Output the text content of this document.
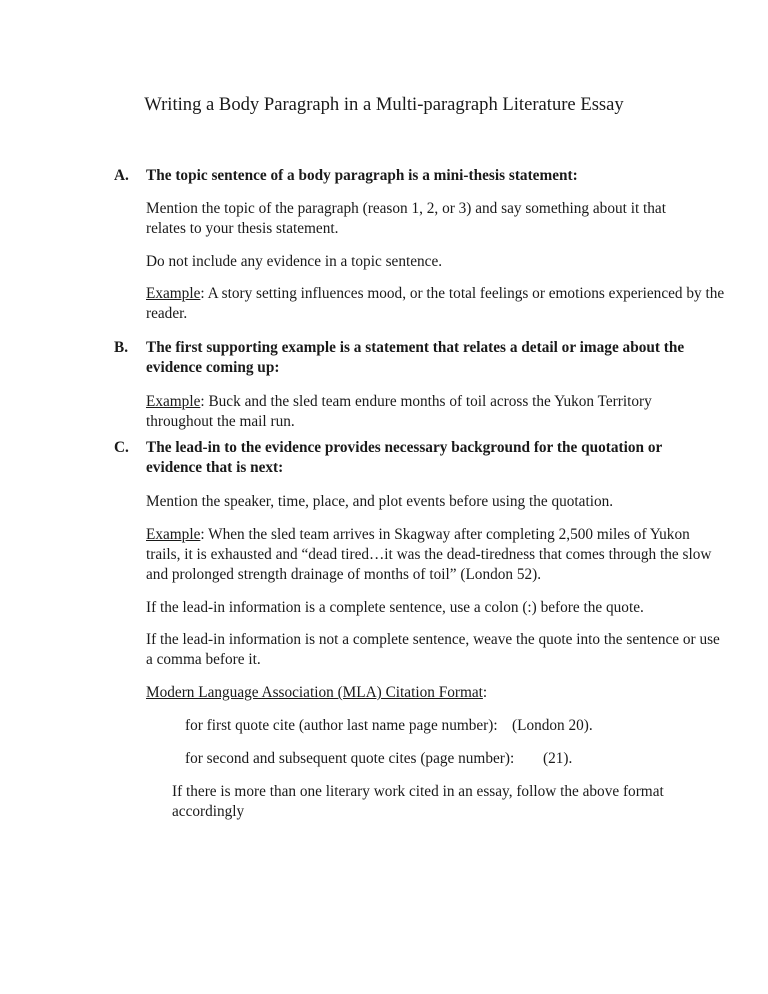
Writing a Body Paragraph in a Multi-paragraph Literature Essay
A. The topic sentence of a body paragraph is a mini-thesis statement:
Mention the topic of the paragraph (reason 1, 2, or 3) and say something about it that relates to your thesis statement.
Do not include any evidence in a topic sentence.
Example: A story setting influences mood, or the total feelings or emotions experienced by the reader.
B. The first supporting example is a statement that relates a detail or image about the evidence coming up:
Example: Buck and the sled team endure months of toil across the Yukon Territory throughout the mail run.
C. The lead-in to the evidence provides necessary background for the quotation or evidence that is next:
Mention the speaker, time, place, and plot events before using the quotation.
Example: When the sled team arrives in Skagway after completing 2,500 miles of Yukon trails, it is exhausted and “dead tired…it was the dead-tiredness that comes through the slow and prolonged strength drainage of months of toil” (London 52).
If the lead-in information is a complete sentence, use a colon (:) before the quote.
If the lead-in information is not a complete sentence, weave the quote into the sentence or use a comma before it.
Modern Language Association (MLA) Citation Format:
for first quote cite (author last name page number): (London 20).
for second and subsequent quote cites (page number): (21).
If there is more than one literary work cited in an essay, follow the above format accordingly
